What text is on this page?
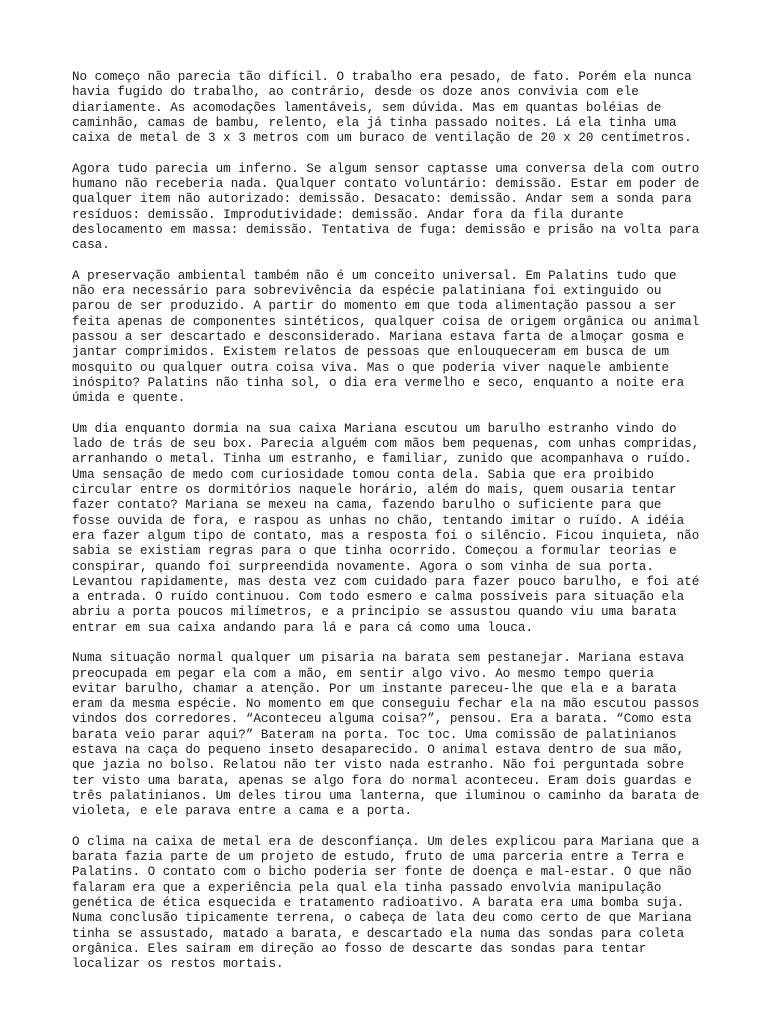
No começo não parecia tão difícil. O trabalho era pesado, de fato. Porém ela nunca
havia fugido do trabalho, ao contrário, desde os doze anos convivia com ele
diariamente. As acomodações lamentáveis, sem dúvida. Mas em quantas boléias de
caminhão, camas de bambu, relento, ela já tinha passado noites. Lá ela tinha uma
caixa de metal de 3 x 3 metros com um buraco de ventilação de 20 x 20 centímetros.
Agora tudo parecia um inferno. Se algum sensor captasse uma conversa dela com outro
humano não receberia nada. Qualquer contato voluntário: demissão. Estar em poder de
qualquer item não autorizado: demissão. Desacato: demissão. Andar sem a sonda para
resíduos: demissão. Improdutividade: demissão. Andar fora da fila durante
deslocamento em massa: demissão. Tentativa de fuga: demissão e prisão na volta para
casa.
A preservação ambiental também não é um conceito universal. Em Palatins tudo que
não era necessário para sobrevivência da espécie palatiniana foi extinguido ou
parou de ser produzido. A partir do momento em que toda alimentação passou a ser
feita apenas de componentes sintéticos, qualquer coisa de origem orgânica ou animal
passou a ser descartado e desconsiderado. Mariana estava farta de almoçar gosma e
jantar comprimidos. Existem relatos de pessoas que enlouqueceram em busca de um
mosquito ou qualquer outra coisa viva. Mas o que poderia viver naquele ambiente
inóspito? Palatins não tinha sol, o dia era vermelho e seco, enquanto a noite era
úmida e quente.
Um dia enquanto dormia na sua caixa Mariana escutou um barulho estranho vindo do
lado de trás de seu box. Parecia alguém com mãos bem pequenas, com unhas compridas,
arranhando o metal. Tinha um estranho, e familiar, zunido que acompanhava o ruído.
Uma sensação de medo com curiosidade tomou conta dela. Sabia que era proibido
circular entre os dormitórios naquele horário, além do mais, quem ousaria tentar
fazer contato? Mariana se mexeu na cama, fazendo barulho o suficiente para que
fosse ouvida de fora, e raspou as unhas no chão, tentando imitar o ruído. A idéia
era fazer algum tipo de contato, mas a resposta foi o silêncio. Ficou inquieta, não
sabia se existiam regras para o que tinha ocorrido. Começou a formular teorias e
conspirar, quando foi surpreendida novamente. Agora o som vinha de sua porta.
Levantou rapidamente, mas desta vez com cuidado para fazer pouco barulho, e foi até
a entrada. O ruído continuou. Com todo esmero e calma possíveis para situação ela
abriu a porta poucos milímetros, e a principio se assustou quando viu uma barata
entrar em sua caixa andando para lá e para cá como uma louca.
Numa situação normal qualquer um pisaria na barata sem pestanejar. Mariana estava
preocupada em pegar ela com a mão, em sentir algo vivo. Ao mesmo tempo queria
evitar barulho, chamar a atenção. Por um instante pareceu-lhe que ela e a barata
eram da mesma espécie. No momento em que conseguiu fechar ela na mão escutou passos
vindos dos corredores. “Aconteceu alguma coisa?”, pensou. Era a barata. “Como esta
barata veio parar aqui?” Bateram na porta. Toc toc. Uma comissão de palatinianos
estava na caça do pequeno inseto desaparecido. O animal estava dentro de sua mão,
que jazia no bolso. Relatou não ter visto nada estranho. Não foi perguntada sobre
ter visto uma barata, apenas se algo fora do normal aconteceu. Eram dois guardas e
três palatinianos. Um deles tirou uma lanterna, que iluminou o caminho da barata de
violeta, e ele parava entre a cama e a porta.
O clima na caixa de metal era de desconfiança. Um deles explicou para Mariana que a
barata fazia parte de um projeto de estudo, fruto de uma parceria entre a Terra e
Palatins. O contato com o bicho poderia ser fonte de doença e mal-estar. O que não
falaram era que a experiência pela qual ela tinha passado envolvia manipulação
genética de ética esquecida e tratamento radioativo. A barata era uma bomba suja.
Numa conclusão tipicamente terrena, o cabeça de lata deu como certo de que Mariana
tinha se assustado, matado a barata, e descartado ela numa das sondas para coleta
orgânica. Eles saíram em direção ao fosso de descarte das sondas para tentar
localizar os restos mortais.
